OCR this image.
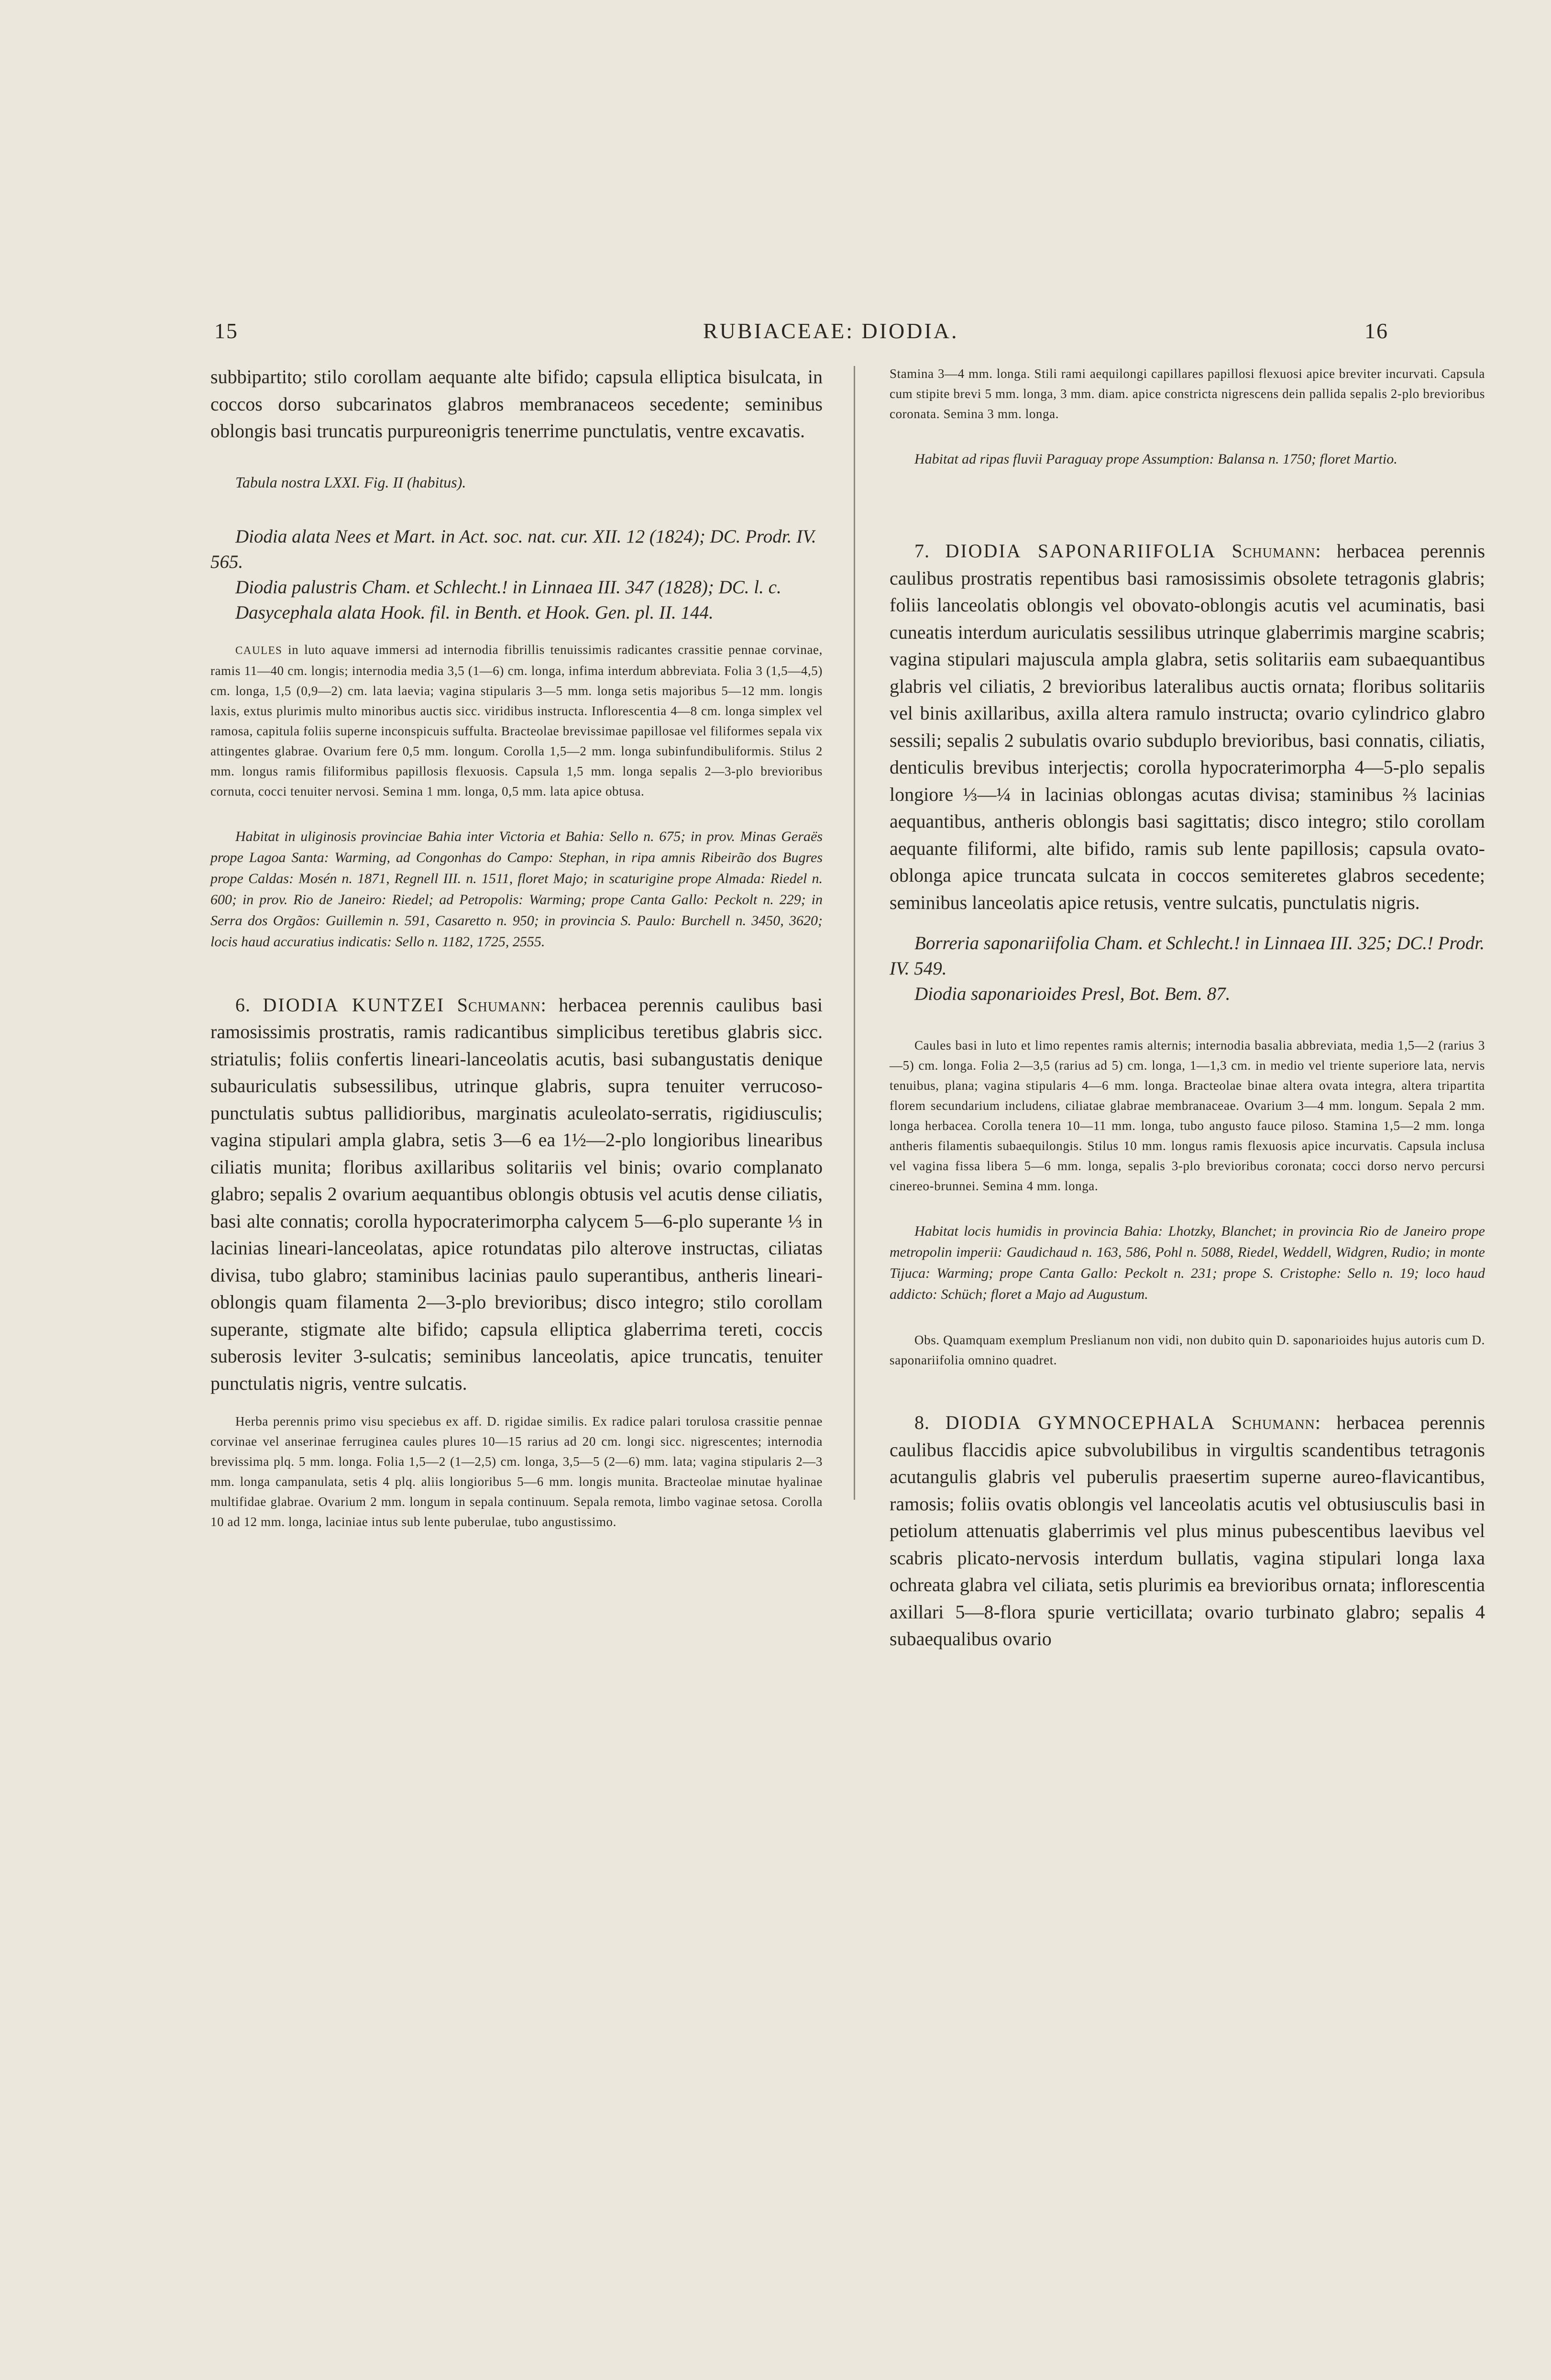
15	RUBIACEAE: DIODIA.	16

subbipartito; stilo corollam aequante alte bifido; capsula elliptica bisulcata, in coccos dorso subcarinatos glabros membranaceos secedente; seminibus oblongis basi truncatis purpureonigris tenerrime punctulatis, ventre excavatis.

Tabula nostra LXXI. Fig. II (habitus).

Diodia alata Nees et Mart. in Act. soc. nat. cur. XII. 12 (1824); DC. Prodr. IV. 565.

Diodia palustris Cham. et Schlecht.! in Linnaea III. 347 (1828); DC. l. c.

Dasycephala alata Hook. fil. in Benth. et Hook. Gen. pl. II. 144.

CAULES in luto aquave immersi ad internodia fibrillis tenuissimis radicantes crassitie pennae corvinae, ramis 11—40 cm. longis; internodia media 3,5 (1—6) cm. longa, infima interdum abbreviata. Folia 3 (1,5—4,5) cm. longa, 1,5 (0,9—2) cm. lata laevia; vagina stipularis 3—5 mm. longa setis majoribus 5—12 mm. longis laxis, extus plurimis multo minoribus auctis sicc. viridibus instructa. Inflorescentia 4—8 cm. longa simplex vel ramosa, capitula foliis superne inconspicuis suffulta. Bracteolae brevissimae papillosae vel filiformes sepala vix attingentes glabrae. Ovarium fere 0,5 mm. longum. Corolla 1,5—2 mm. longa subinfundibuliformis. Stilus 2 mm. longus ramis filiformibus papillosis flexuosis. Capsula 1,5 mm. longa sepalis 2—3-plo brevioribus cornuta, cocci tenuiter nervosi. Semina 1 mm. longa, 0,5 mm. lata apice obtusa.

Habitat in uliginosis provinciae Bahia inter Victoria et Bahia: Sello n. 675; in prov. Minas Geraës prope Lagoa Santa: Warming, ad Congonhas do Campo: Stephan, in ripa amnis Ribeirão dos Bugres prope Caldas: Mosén n. 1871, Regnell III. n. 1511, floret Majo; in scaturigine prope Almada: Riedel n. 600; in prov. Rio de Janeiro: Riedel; ad Petropolis: Warming; prope Canta Gallo: Peckolt n. 229; in Serra dos Orgãos: Guillemin n. 591, Casaretto n. 950; in provincia S. Paulo: Burchell n. 3450, 3620; locis haud accuratius indicatis: Sello n. 1182, 1725, 2555.

6. DIODIA KUNTZEI Schumann: herbacea perennis caulibus basi ramosissimis prostratis, ramis radicantibus simplicibus teretibus glabris sicc. striatulis; foliis confertis lineari-lanceolatis acutis, basi subangustatis denique subauriculatis subsessilibus, utrinque glabris, supra tenuiter verrucoso-punctulatis subtus pallidioribus, marginatis aculeolato-serratis, rigidiusculis; vagina stipulari ampla glabra, setis 3—6 ea 1½—2-plo longioribus linearibus ciliatis munita; floribus axillaribus solitariis vel binis; ovario complanato glabro; sepalis 2 ovarium aequantibus oblongis obtusis vel acutis dense ciliatis, basi alte connatis; corolla hypocraterimorpha calycem 5—6-plo superante ⅓ in lacinias lineari-lanceolatas, apice rotundatas pilo alterove instructas, ciliatas divisa, tubo glabro; staminibus lacinias paulo superantibus, antheris lineari-oblongis quam filamenta 2—3-plo brevioribus; disco integro; stilo corollam superante, stigmate alte bifido; capsula elliptica glaberrima tereti, coccis suberosis leviter 3-sulcatis; seminibus lanceolatis, apice truncatis, tenuiter punctulatis nigris, ventre sulcatis.

Herba perennis primo visu speciebus ex aff. D. rigidae similis. Ex radice palari torulosa crassitie pennae corvinae vel anserinae ferruginea caules plures 10—15 rarius ad 20 cm. longi sicc. nigrescentes; internodia brevissima plq. 5 mm. longa. Folia 1,5—2 (1—2,5) cm. longa, 3,5—5 (2—6) mm. lata; vagina stipularis 2—3 mm. longa campanulata, setis 4 plq. aliis longioribus 5—6 mm. longis munita. Bracteolae minutae hyalinae multifidae glabrae. Ovarium 2 mm. longum in sepala continuum. Sepala remota, limbo vaginae setosa. Corolla 10 ad 12 mm. longa, laciniae intus sub lente puberulae, tubo angustissimo.

Stamina 3—4 mm. longa. Stili rami aequilongi capillares papillosi flexuosi apice breviter incurvati. Capsula cum stipite brevi 5 mm. longa, 3 mm. diam. apice constricta nigrescens dein pallida sepalis 2-plo brevioribus coronata. Semina 3 mm. longa.

Habitat ad ripas fluvii Paraguay prope Assumption: Balansa n. 1750; floret Martio.

7. DIODIA SAPONARIIFOLIA Schumann: herbacea perennis caulibus prostratis repentibus basi ramosissimis obsolete tetragonis glabris; foliis lanceolatis oblongis vel obovato-oblongis acutis vel acuminatis, basi cuneatis interdum auriculatis sessilibus utrinque glaberrimis margine scabris; vagina stipulari majuscula ampla glabra, setis solitariis eam subaequantibus glabris vel ciliatis, 2 brevioribus lateralibus auctis ornata; floribus solitariis vel binis axillaribus, axilla altera ramulo instructa; ovario cylindrico glabro sessili; sepalis 2 subulatis ovario subduplo brevioribus, basi connatis, ciliatis, denticulis brevibus interjectis; corolla hypocraterimorpha 4—5-plo sepalis longiore ⅓—¼ in lacinias oblongas acutas divisa; staminibus ⅔ lacinias aequantibus, antheris oblongis basi sagittatis; disco integro; stilo corollam aequante filiformi, alte bifido, ramis sub lente papillosis; capsula ovato-oblonga apice truncata sulcata in coccos semiteretes glabros secedente; seminibus lanceolatis apice retusis, ventre sulcatis, punctulatis nigris.

Borreria saponariifolia Cham. et Schlecht.! in Linnaea III. 325; DC.! Prodr. IV. 549.

Diodia saponarioides Presl, Bot. Bem. 87.

Caules basi in luto et limo repentes ramis alternis; internodia basalia abbreviata, media 1,5—2 (rarius 3—5) cm. longa. Folia 2—3,5 (rarius ad 5) cm. longa, 1—1,3 cm. in medio vel triente superiore lata, nervis tenuibus, plana; vagina stipularis 4—6 mm. longa. Bracteolae binae altera ovata integra, altera tripartita florem secundarium includens, ciliatae glabrae membranaceae. Ovarium 3—4 mm. longum. Sepala 2 mm. longa herbacea. Corolla tenera 10—11 mm. longa, tubo angusto fauce piloso. Stamina 1,5—2 mm. longa antheris filamentis subaequilongis. Stilus 10 mm. longus ramis flexuosis apice incurvatis. Capsula inclusa vel vagina fissa libera 5—6 mm. longa, sepalis 3-plo brevioribus coronata; cocci dorso nervo percursi cinereo-brunnei. Semina 4 mm. longa.

Habitat locis humidis in provincia Bahia: Lhotzky, Blanchet; in provincia Rio de Janeiro prope metropolin imperii: Gaudichaud n. 163, 586, Pohl n. 5088, Riedel, Weddell, Widgren, Rudio; in monte Tijuca: Warming; prope Canta Gallo: Peckolt n. 231; prope S. Cristophe: Sello n. 19; loco haud addicto: Schüch; floret a Majo ad Augustum.

Obs. Quamquam exemplum Preslianum non vidi, non dubito quin D. saponarioides hujus autoris cum D. saponariifolia omnino quadret.

8. DIODIA GYMNOCEPHALA Schumann: herbacea perennis caulibus flaccidis apice subvolubilibus in virgultis scandentibus tetragonis acutangulis glabris vel puberulis praesertim superne aureo-flavicantibus, ramosis; foliis ovatis oblongis vel lanceolatis acutis vel obtusiusculis basi in petiolum attenuatis glaberrimis vel plus minus pubescentibus laevibus vel scabris plicato-nervosis interdum bullatis, vagina stipulari longa laxa ochreata glabra vel ciliata, setis plurimis ea brevioribus ornata; inflorescentia axillari 5—8-flora spurie verticillata; ovario turbinato glabro; sepalis 4 subaequalibus ovario
